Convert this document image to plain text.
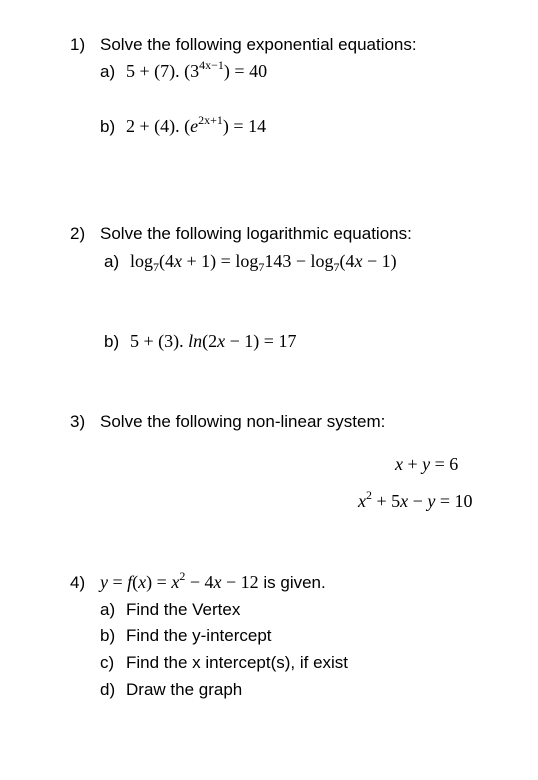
1) Solve the following exponential equations:
a) 5 + (7). $(3^{4x-1}) = 40$
b) 2 + (4). $(e^{2x+1}) = 14$
2) Solve the following logarithmic equations:
a) $\log_7(4x + 1) = \log_7143 - \log_7(4x - 1)$
b) 5 + (3). ln(2x − 1) = 17
3) Solve the following non-linear system:
x + y = 6
$x^2 + 5x - y = 10$
4) $y = f(x) = x^2 - 4x - 12$ is given.
a) Find the Vertex
b) Find the y-intercept
c) Find the x intercept(s), if exist
d) Draw the graph
